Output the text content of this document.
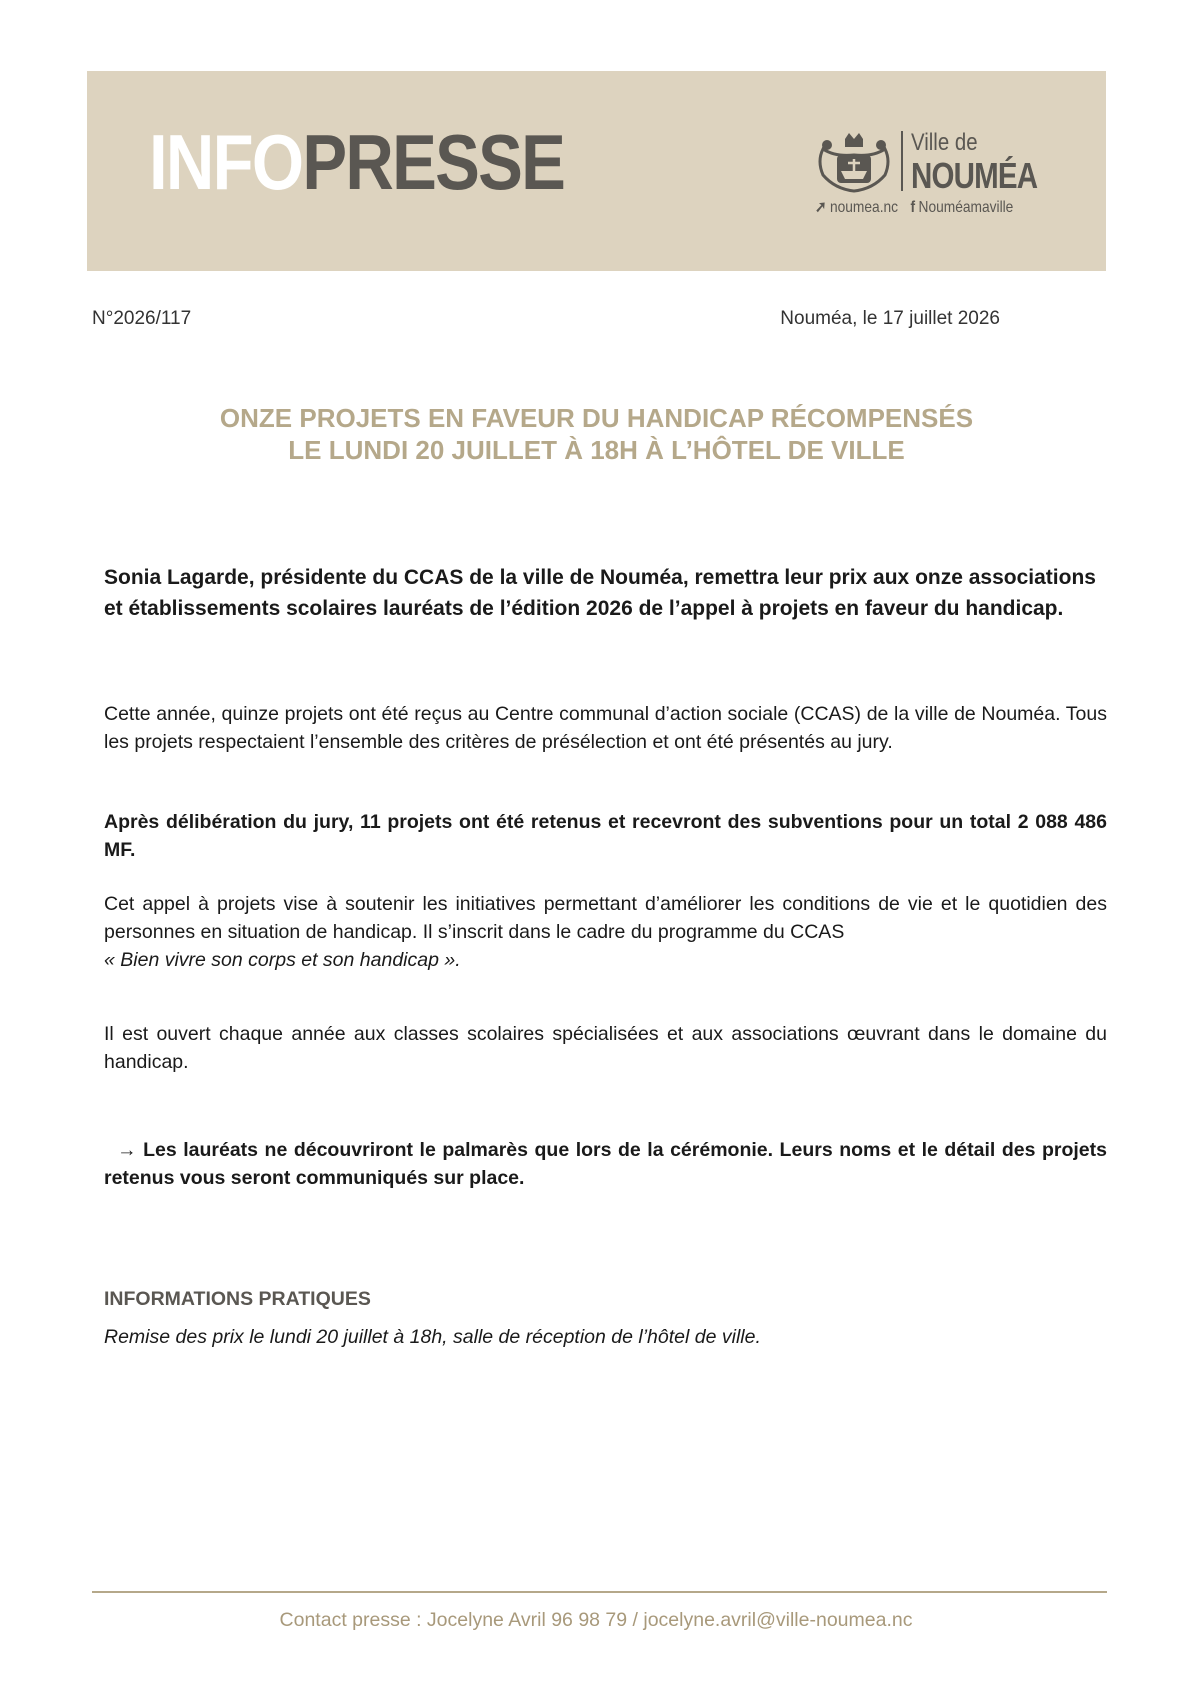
INFOPRESSE	Ville de
NOUMÉA
➚ noumea.nc f Nouméamaville
N°2026/117	Nouméa, le 17 juillet 2026
ONZE PROJETS EN FAVEUR DU HANDICAP RÉCOMPENSÉS
LE LUNDI 20 JUILLET À 18H À L’HÔTEL DE VILLE
Sonia Lagarde, présidente du CCAS de la ville de Nouméa, remettra leur prix aux onze associations et établissements scolaires lauréats de l’édition 2026 de l’appel à projets en faveur du handicap.

Cette année, quinze projets ont été reçus au Centre communal d’action sociale (CCAS) de la ville de Nouméa. Tous les projets respectaient l’ensemble des critères de présélection et ont été présentés au jury.

Après délibération du jury, 11 projets ont été retenus et recevront des subventions pour un total 2 088 486 MF.

Cet appel à projets vise à soutenir les initiatives permettant d’améliorer les conditions de vie et le quotidien des personnes en situation de handicap. Il s’inscrit dans le cadre du programme du CCAS
« Bien vivre son corps et son handicap ».

Il est ouvert chaque année aux classes scolaires spécialisées et aux associations œuvrant dans le domaine du handicap.

→ Les lauréats ne découvriront le palmarès que lors de la cérémonie. Leurs noms et le détail des projets retenus vous seront communiqués sur place.

INFORMATIONS PRATIQUES
Remise des prix le lundi 20 juillet à 18h, salle de réception de l’hôtel de ville.
Contact presse : Jocelyne Avril 96 98 79 / jocelyne.avril@ville-noumea.nc
